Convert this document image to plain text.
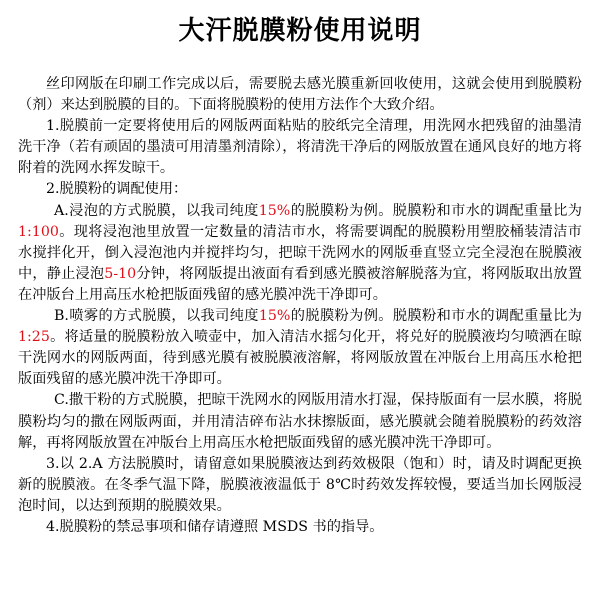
大汗脱膜粉使用说明

丝印网版在印刷工作完成以后，需要脱去感光膜重新回收使用，这就会使用到脱膜粉（剂）来达到脱膜的目的。下面将脱膜粉的使用方法作个大致介绍。

1.脱膜前一定要将使用后的网版两面粘贴的胶纸完全清理，用洗网水把残留的油墨清洗干净（若有顽固的墨渍可用清墨剂清除），将清洗干净后的网版放置在通风良好的地方将附着的洗网水挥发晾干。

2.脱膜粉的调配使用：

A.浸泡的方式脱膜，以我司纯度15%的脱膜粉为例。脱膜粉和市水的调配重量比为1:100。现将浸泡池里放置一定数量的清洁市水，将需要调配的脱膜粉用塑胶桶装清洁市水搅拌化开，倒入浸泡池内并搅拌均匀，把晾干洗网水的网版垂直竖立完全浸泡在脱膜液中，静止浸泡5-10分钟，将网版提出液面有看到感光膜被溶解脱落为宜，将网版取出放置在冲版台上用高压水枪把版面残留的感光膜冲洗干净即可。

B.喷雾的方式脱膜，以我司纯度15%的脱膜粉为例。脱膜粉和市水的调配重量比为1:25。将适量的脱膜粉放入喷壶中，加入清洁水摇匀化开，将兑好的脱膜液均匀喷洒在晾干洗网水的网版两面，待到感光膜有被脱膜液溶解，将网版放置在冲版台上用高压水枪把版面残留的感光膜冲洗干净即可。

C.撒干粉的方式脱膜，把晾干洗网水的网版用清水打湿，保持版面有一层水膜，将脱膜粉均匀的撒在网版两面，并用清洁碎布沾水抹擦版面，感光膜就会随着脱膜粉的药效溶解，再将网版放置在冲版台上用高压水枪把版面残留的感光膜冲洗干净即可。

3.以 2.A 方法脱膜时，请留意如果脱膜液达到药效极限（饱和）时，请及时调配更换新的脱膜液。在冬季气温下降，脱膜液液温低于 8℃时药效发挥较慢，要适当加长网版浸泡时间，以达到预期的脱膜效果。

4.脱膜粉的禁忌事项和储存请遵照 MSDS 书的指导。
